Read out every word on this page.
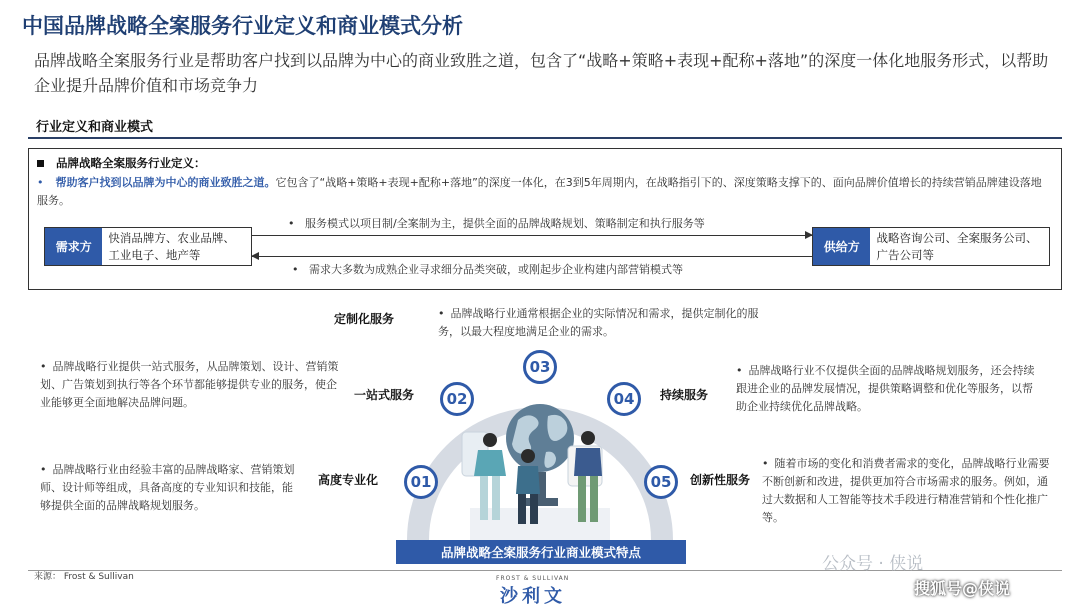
中国品牌战略全案服务行业定义和商业模式分析
品牌战略全案服务行业是帮助客户找到以品牌为中心的商业致胜之道，包含了“战略+策略+表现+配称+落地”的深度一体化地服务形式，以帮助企业提升品牌价值和市场竞争力
行业定义和商业模式
品牌战略全案服务行业定义：
• 帮助客户找到以品牌为中心的商业致胜之道。它包含了“战略+策略+表现+配称+落地”的深度一体化，在3到5年周期内，在战略指引下的、深度策略支撑下的、面向品牌价值增长的持续营销品牌建设落地服务。
•   服务模式以项目制/全案制为主，提供全面的品牌战略规划、策略制定和执行服务等
•   需求大多数为成熟企业寻求细分品类突破，或刚起步企业构建内部营销模式等
需求方
快消品牌方、农业品牌、工业电子、地产等
供给方
战略咨询公司、全案服务公司、广告公司等
01
02
03
04
05
高度专业化
一站式服务
定制化服务
持续服务
创新性服务
• 品牌战略行业由经验丰富的品牌战略家、营销策划师、设计师等组成，具备高度的专业知识和技能，能够提供全面的品牌战略规划服务。
• 品牌战略行业提供一站式服务，从品牌策划、设计、营销策划、广告策划到执行等各个环节都能够提供专业的服务，使企业能够更全面地解决品牌问题。
• 品牌战略行业通常根据企业的实际情况和需求，提供定制化的服务，以最大程度地满足企业的需求。
• 品牌战略行业不仅提供全面的品牌战略规划服务，还会持续跟进企业的品牌发展情况，提供策略调整和优化等服务，以帮助企业持续优化品牌战略。
• 随着市场的变化和消费者需求的变化，品牌战略行业需要不断创新和改进，提供更加符合市场需求的服务。例如，通过大数据和人工智能等技术手段进行精准营销和个性化推广等。
品牌战略全案服务行业商业模式特点
来源： Frost & Sullivan	FROST & SULLIVAN
沙利文
公众号 · 侠说
搜狐号@侠说
